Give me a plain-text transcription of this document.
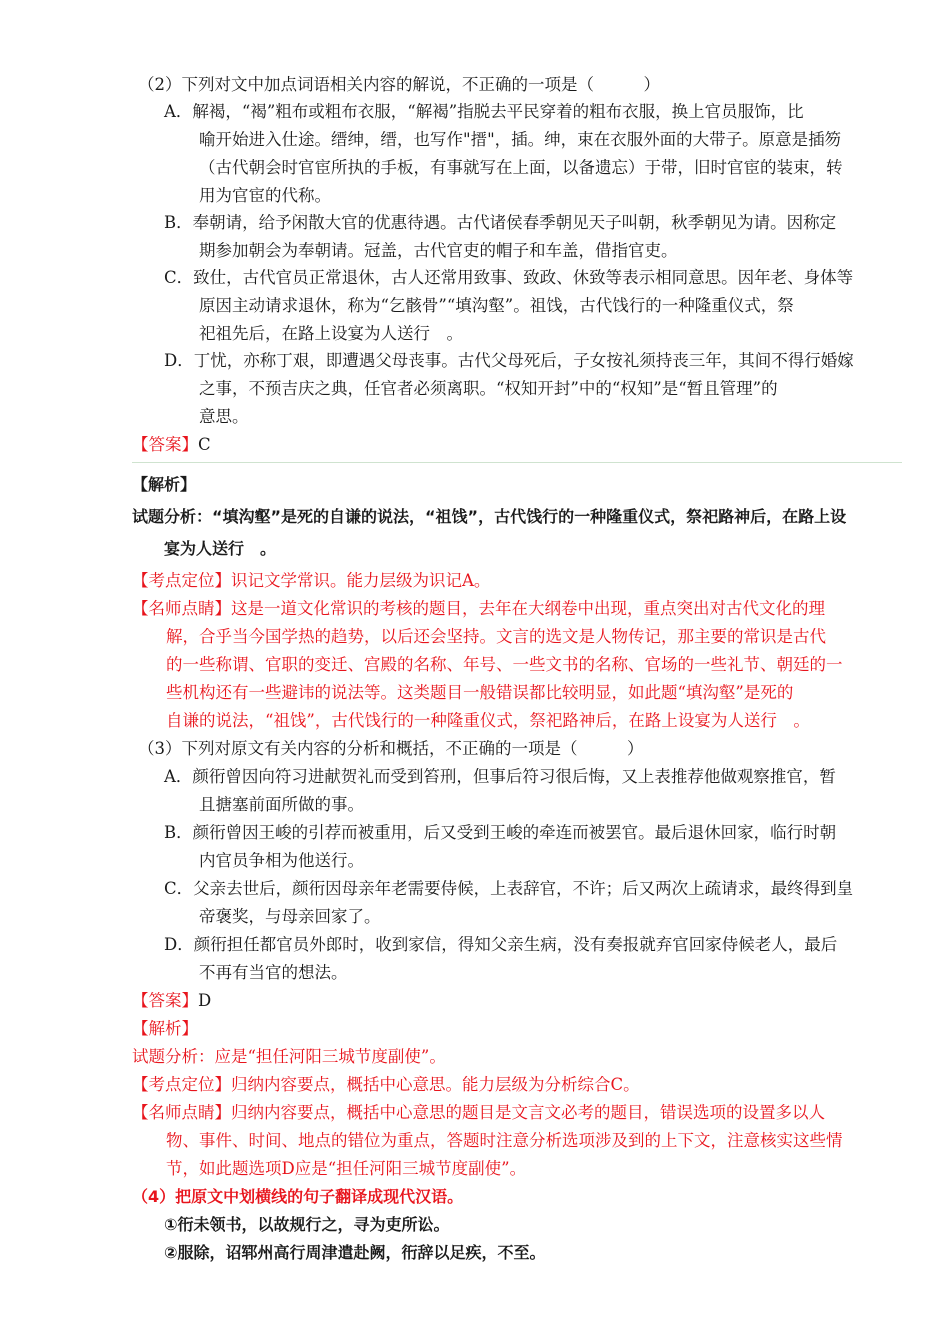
（2）下列对文中加点词语相关内容的解说，不正确的一项是（　　　）
A．解褐，“褐”粗布或粗布衣服，“解褐”指脱去平民穿着的粗布衣服，换上官员服饰，比
喻开始进入仕途。缙绅，缙，也写作"搢"，插。绅，束在衣服外面的大带子。原意是插笏
（古代朝会时官宦所执的手板，有事就写在上面，以备遗忘）于带，旧时官宦的装束，转
用为官宦的代称。
B．奉朝请，给予闲散大官的优惠待遇。古代诸侯春季朝见天子叫朝，秋季朝见为请。因称定
期参加朝会为奉朝请。冠盖，古代官吏的帽子和车盖，借指官吏。
C．致仕，古代官员正常退休，古人还常用致事、致政、休致等表示相同意思。因年老、身体等
原因主动请求退休，称为“乞骸骨”“填沟壑”。祖饯，古代饯行的一种隆重仪式，祭
祀祖先后，在路上设宴为人送行　。
D．丁忧，亦称丁艰，即遭遇父母丧事。古代父母死后，子女按礼须持丧三年，其间不得行婚嫁
之事，不预吉庆之典，任官者必须离职。“权知开封”中的“权知”是“暂且管理”的
意思。
【答案】C
【解析】
试题分析：“填沟壑”是死的自谦的说法，“祖饯”，古代饯行的一种隆重仪式，祭祀路神后，在路上设
宴为人送行　。
【考点定位】识记文学常识。能力层级为识记A。
【名师点睛】这是一道文化常识的考核的题目，去年在大纲卷中出现，重点突出对古代文化的理
解，合乎当今国学热的趋势，以后还会坚持。文言的选文是人物传记，那主要的常识是古代
的一些称谓、官职的变迁、宫殿的名称、年号、一些文书的名称、官场的一些礼节、朝廷的一
些机构还有一些避讳的说法等。这类题目一般错误都比较明显，如此题“填沟壑”是死的
自谦的说法，“祖饯”，古代饯行的一种隆重仪式，祭祀路神后，在路上设宴为人送行　。
（3）下列对原文有关内容的分析和概括，不正确的一项是（　　　）
A．颜衎曾因向符习进献贺礼而受到笞刑，但事后符习很后悔，又上表推荐他做观察推官，暂
且搪塞前面所做的事。
B．颜衎曾因王峻的引荐而被重用，后又受到王峻的牵连而被罢官。最后退休回家，临行时朝
内官员争相为他送行。
C．父亲去世后，颜衎因母亲年老需要侍候，上表辞官，不许；后又两次上疏请求，最终得到皇
帝褒奖，与母亲回家了。
D．颜衎担任都官员外郎时，收到家信，得知父亲生病，没有奏报就弃官回家侍候老人，最后
不再有当官的想法。
【答案】D
【解析】
试题分析：应是“担任河阳三城节度副使”。
【考点定位】归纳内容要点，概括中心意思。能力层级为分析综合C。
【名师点睛】归纳内容要点，概括中心意思的题目是文言文必考的题目，错误选项的设置多以人
物、事件、时间、地点的错位为重点，答题时注意分析选项涉及到的上下文，注意核实这些情
节，如此题选项D应是“担任河阳三城节度副使”。
（4）把原文中划横线的句子翻译成现代汉语。
①衎未领书，以故规行之，寻为吏所讼。
②服除，诏郓州高行周津遣赴阙，衎辞以足疾，不至。
